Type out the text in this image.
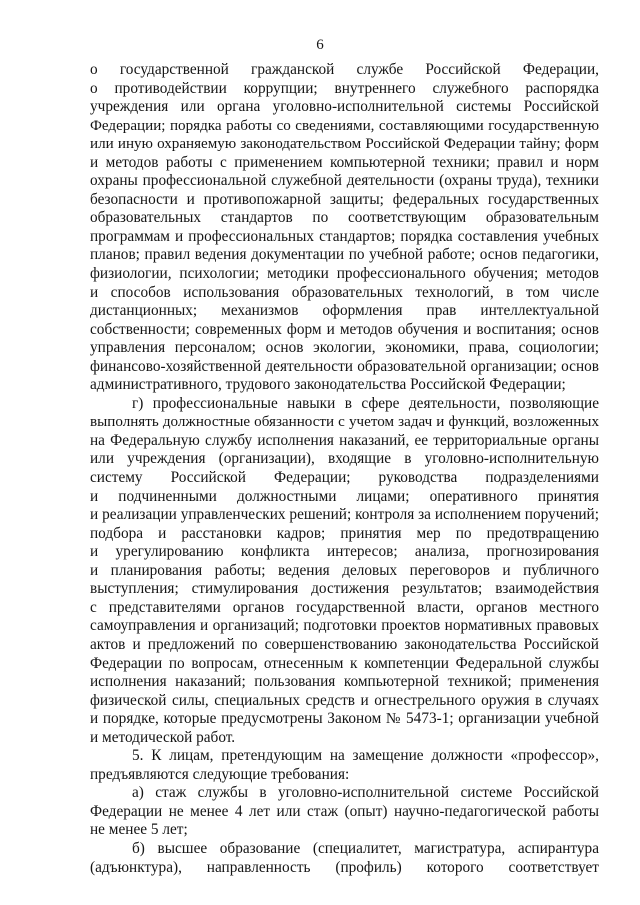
6
о государственной гражданской службе Российской Федерации,
о противодействии коррупции; внутреннего служебного распорядка
учреждения или органа уголовно-исполнительной системы Российской
Федерации; порядка работы со сведениями, составляющими государственную
или иную охраняемую законодательством Российской Федерации тайну; форм
и методов работы с применением компьютерной техники; правил и норм
охраны профессиональной служебной деятельности (охраны труда), техники
безопасности и противопожарной защиты; федеральных государственных
образовательных стандартов по соответствующим образовательным
программам и профессиональных стандартов; порядка составления учебных
планов; правил ведения документации по учебной работе; основ педагогики,
физиологии, психологии; методики профессионального обучения; методов
и способов использования образовательных технологий, в том числе
дистанционных; механизмов оформления прав интеллектуальной
собственности; современных форм и методов обучения и воспитания; основ
управления персоналом; основ экологии, экономики, права, социологии;
финансово-хозяйственной деятельности образовательной организации; основ
административного, трудового законодательства Российской Федерации;
г) профессиональные навыки в сфере деятельности, позволяющие
выполнять должностные обязанности с учетом задач и функций, возложенных
на Федеральную службу исполнения наказаний, ее территориальные органы
или учреждения (организации), входящие в уголовно-исполнительную
систему Российской Федерации; руководства подразделениями
и подчиненными должностными лицами; оперативного принятия
и реализации управленческих решений; контроля за исполнением поручений;
подбора и расстановки кадров; принятия мер по предотвращению
и урегулированию конфликта интересов; анализа, прогнозирования
и планирования работы; ведения деловых переговоров и публичного
выступления; стимулирования достижения результатов; взаимодействия
с представителями органов государственной власти, органов местного
самоуправления и организаций; подготовки проектов нормативных правовых
актов и предложений по совершенствованию законодательства Российской
Федерации по вопросам, отнесенным к компетенции Федеральной службы
исполнения наказаний; пользования компьютерной техникой; применения
физической силы, специальных средств и огнестрельного оружия в случаях
и порядке, которые предусмотрены Законом № 5473-1; организации учебной
и методической работ.
5. К лицам, претендующим на замещение должности «профессор»,
предъявляются следующие требования:
а) стаж службы в уголовно-исполнительной системе Российской
Федерации не менее 4 лет или стаж (опыт) научно-педагогической работы
не менее 5 лет;
б) высшее образование (специалитет, магистратура, аспирантура
(адъюнктура), направленность (профиль) которого соответствует
